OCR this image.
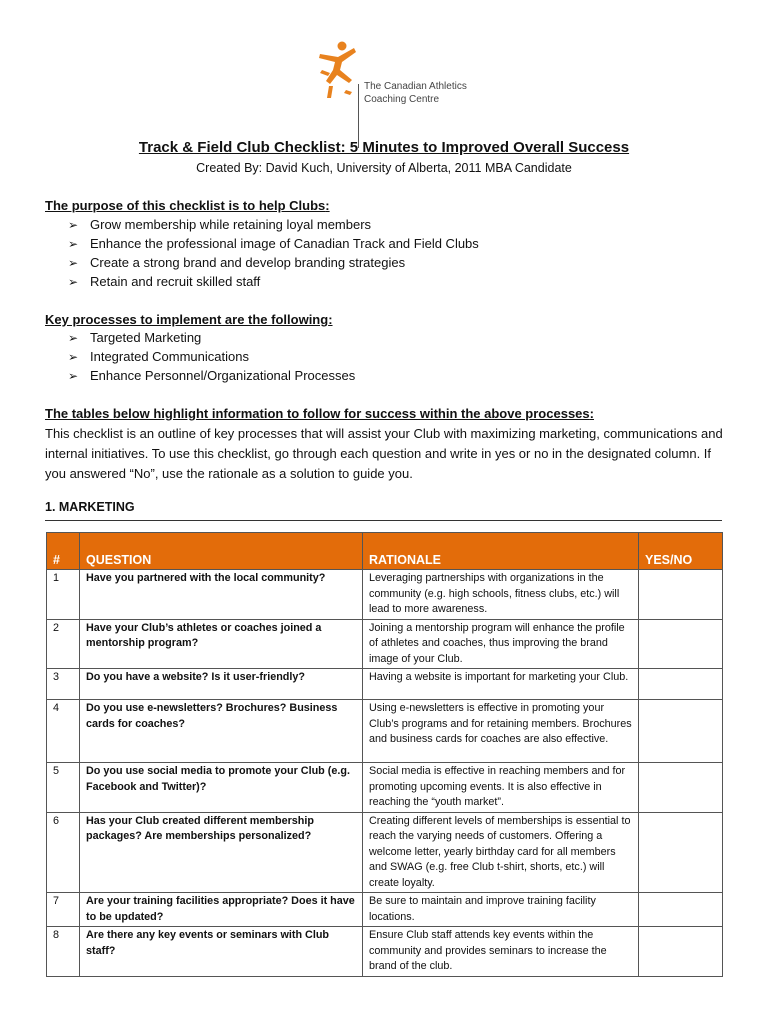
The Canadian Athletics
Coaching Centre
Track & Field Club Checklist: 5 Minutes to Improved Overall Success
Created By: David Kuch, University of Alberta, 2011 MBA Candidate
The purpose of this checklist is to help Clubs:
➢ Grow membership while retaining loyal members
➢ Enhance the professional image of Canadian Track and Field Clubs
➢ Create a strong brand and develop branding strategies
➢ Retain and recruit skilled staff
Key processes to implement are the following:
➢ Targeted Marketing
➢ Integrated Communications
➢ Enhance Personnel/Organizational Processes
The tables below highlight information to follow for success within the above processes:
This checklist is an outline of key processes that will assist your Club with maximizing marketing, communications and internal initiatives. To use this checklist, go through each question and write in yes or no in the designated column. If you answered “No”, use the rationale as a solution to guide you.
1. MARKETING
#	QUESTION	RATIONALE	YES/NO
1	Have you partnered with the local community?	Leveraging partnerships with organizations in the community (e.g. high schools, fitness clubs, etc.) will lead to more awareness.	
2	Have your Club’s athletes or coaches joined a mentorship program?	Joining a mentorship program will enhance the profile of athletes and coaches, thus improving the brand image of your Club.	
3	Do you have a website? Is it user-friendly?	Having a website is important for marketing your Club.	
4	Do you use e-newsletters? Brochures? Business cards for coaches?	Using e-newsletters is effective in promoting your Club’s programs and for retaining members. Brochures and business cards for coaches are also effective.	
5	Do you use social media to promote your Club (e.g. Facebook and Twitter)?	Social media is effective in reaching members and for promoting upcoming events. It is also effective in reaching the “youth market”.	
6	Has your Club created different membership packages? Are memberships personalized?	Creating different levels of memberships is essential to reach the varying needs of customers. Offering a welcome letter, yearly birthday card for all members and SWAG (e.g. free Club t-shirt, shorts, etc.) will create loyalty.	
7	Are your training facilities appropriate? Does it have to be updated?	Be sure to maintain and improve training facility locations.	
8	Are there any key events or seminars with Club staff?	Ensure Club staff attends key events within the community and provides seminars to increase the brand of the club.	
